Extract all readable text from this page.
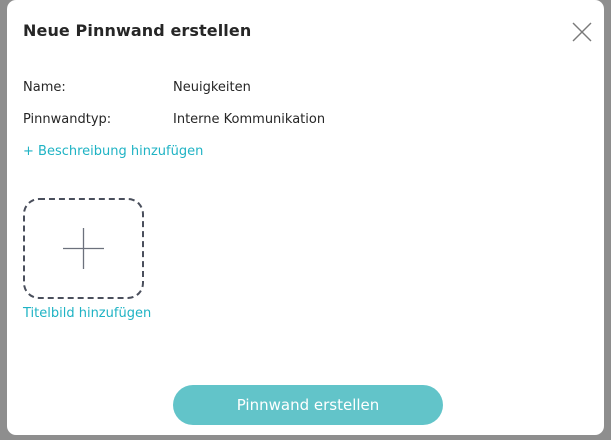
Neue Pinnwand erstellen
Name:	Neuigkeiten
Pinnwandtyp:	Interne Kommunikation
+ Beschreibung hinzufügen
Titelbild hinzufügen
Pinnwand erstellen
